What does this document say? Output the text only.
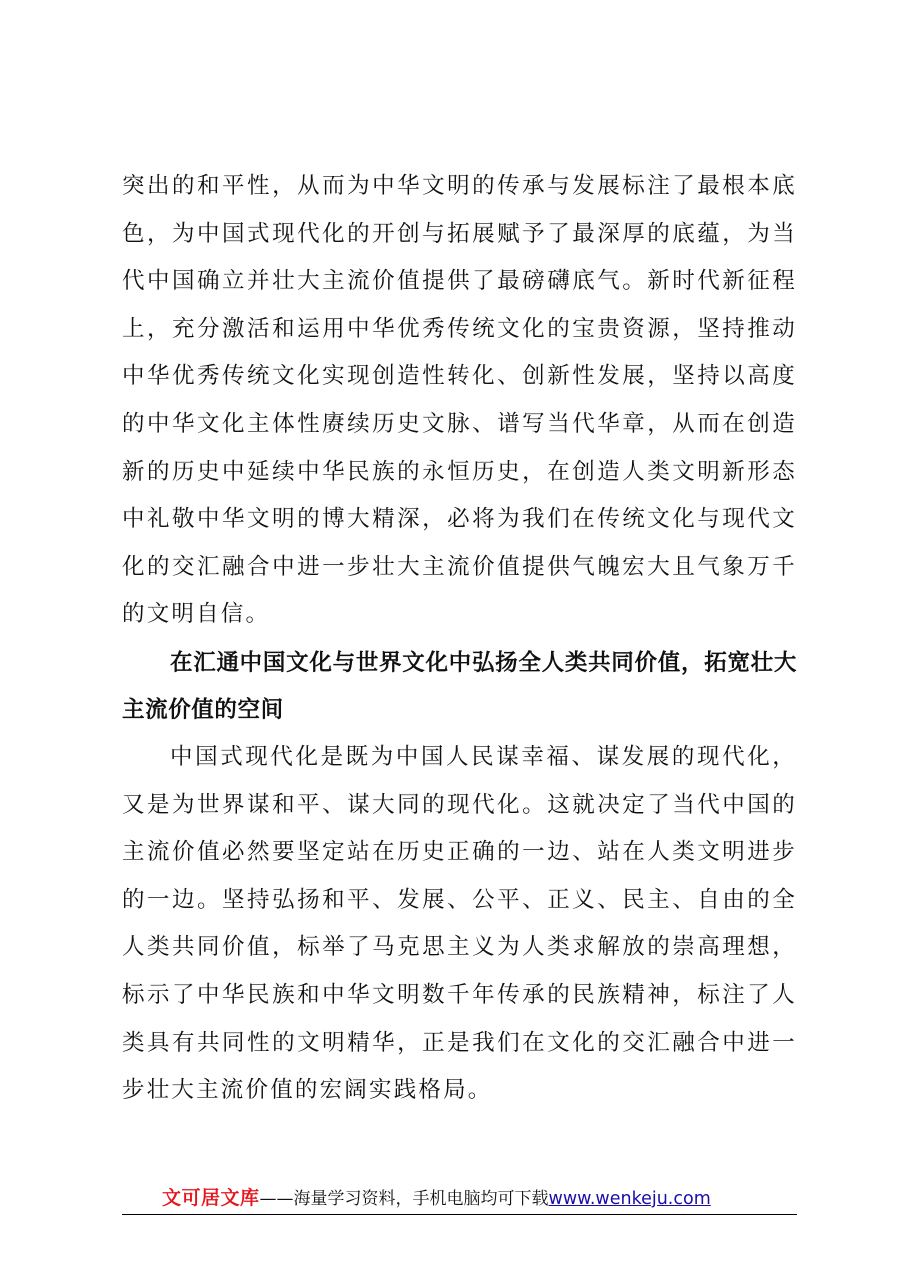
突出的和平性，从而为中华文明的传承与发展标注了最根本底色，为中国式现代化的开创与拓展赋予了最深厚的底蕴，为当代中国确立并壮大主流价值提供了最磅礴底气。新时代新征程上，充分激活和运用中华优秀传统文化的宝贵资源，坚持推动中华优秀传统文化实现创造性转化、创新性发展，坚持以高度的中华文化主体性赓续历史文脉、谱写当代华章，从而在创造新的历史中延续中华民族的永恒历史，在创造人类文明新形态中礼敬中华文明的博大精深，必将为我们在传统文化与现代文化的交汇融合中进一步壮大主流价值提供气魄宏大且气象万千的文明自信。
在汇通中国文化与世界文化中弘扬全人类共同价值，拓宽壮大主流价值的空间
中国式现代化是既为中国人民谋幸福、谋发展的现代化，又是为世界谋和平、谋大同的现代化。这就决定了当代中国的主流价值必然要坚定站在历史正确的一边、站在人类文明进步的一边。坚持弘扬和平、发展、公平、正义、民主、自由的全人类共同价值，标举了马克思主义为人类求解放的崇高理想，标示了中华民族和中华文明数千年传承的民族精神，标注了人类具有共同性的文明精华，正是我们在文化的交汇融合中进一步壮大主流价值的宏阔实践格局。
文可居文库——海量学习资料，手机电脑均可下载www.wenkeju.com
